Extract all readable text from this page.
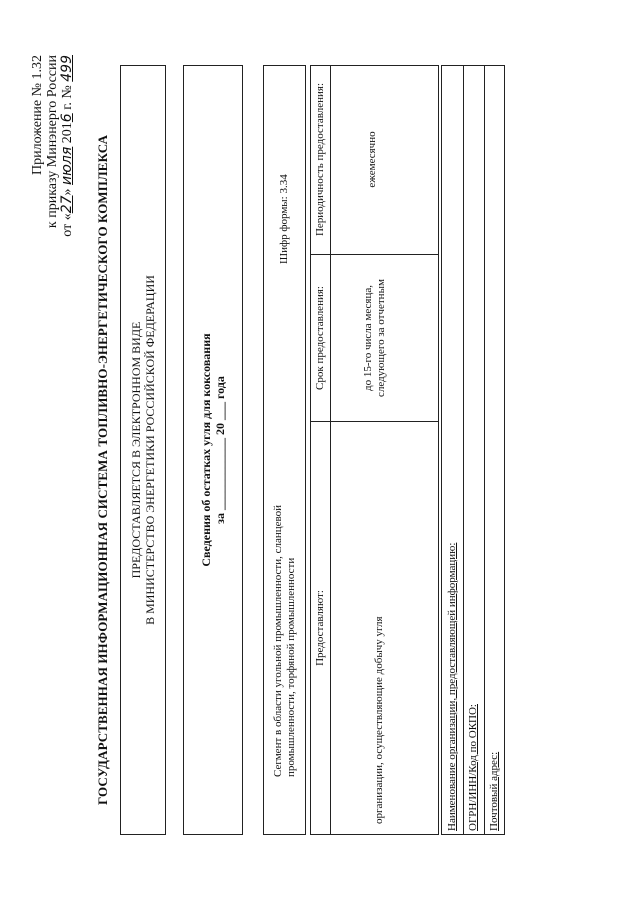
Приложение № 1.32 к приказу Минэнерго России от «27» июля 2016 г. № 499
ГОСУДАРСТВЕННАЯ ИНФОРМАЦИОННАЯ СИСТЕМА ТОПЛИВНО-ЭНЕРГЕТИЧЕСКОГО КОМПЛЕКСА ПРЕДОСТАВЛЯЕТСЯ В ЭЛЕКТРОННОМ ВИДЕ В МИНИСТЕРСТВО ЭНЕРГЕТИКИ РОССИЙСКОЙ ФЕДЕРАЦИИ	Сведения об остатках угля для коксования за ____________ 20 ___ года
Сегмент в области угольной промышленности, сланцевой промышленности, торфяной промышленности
Шифр формы: 3.34
Предоставляют:
Срок предоставления:
Периодичность предоставления:
организации, осуществляющие добычу угля
до 15-го числа месяца, следующего за отчетным
ежемесячно
Наименование организации, предоставляющей информацию: ОГРН/ИНН/Код по ОКПО: Почтовый адрес:
